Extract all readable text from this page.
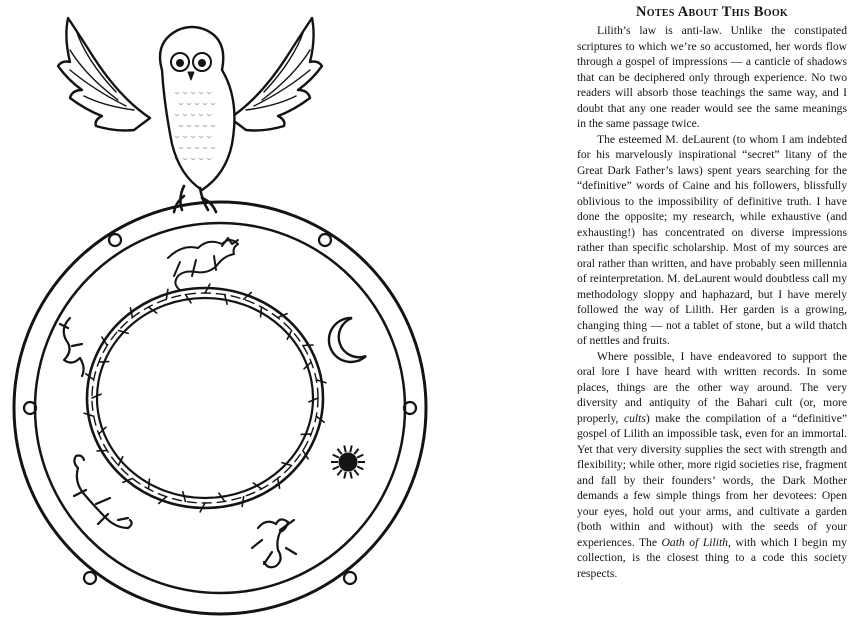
Notes About This Book

Lilith’s law is anti-law. Unlike the constipated scriptures to which we’re so accustomed, her words flow through a gospel of impressions — a canticle of shadows that can be deciphered only through experience. No two readers will absorb those teachings the same way, and I doubt that any one reader would see the same meanings in the same passage twice.

The esteemed M. deLaurent (to whom I am indebted for his marvelously inspirational “secret” litany of the Great Dark Father’s laws) spent years searching for the “definitive” words of Caine and his followers, blissfully oblivious to the impossibility of definitive truth. I have done the opposite; my research, while exhaustive (and exhausting!) has concentrated on diverse impressions rather than specific scholarship. Most of my sources are oral rather than written, and have probably seen millennia of reinterpretation. M. deLaurent would doubtless call my methodology sloppy and haphazard, but I have merely followed the way of Lilith. Her garden is a growing, changing thing — not a tablet of stone, but a wild thatch of nettles and fruits.

Where possible, I have endeavored to support the oral lore I have heard with written records. In some places, things are the other way around. The very diversity and antiquity of the Bahari cult (or, more properly, cults) make the compilation of a “definitive” gospel of Lilith an impossible task, even for an immortal. Yet that very diversity supplies the sect with strength and flexibility; while other, more rigid societies rise, fragment and fall by their founders’ words, the Dark Mother demands a few simple things from her devotees: Open your eyes, hold out your arms, and cultivate a garden (both within and without) with the seeds of your experiences. The Oath of Lilith, with which I begin my collection, is the closest thing to a code this society respects.
